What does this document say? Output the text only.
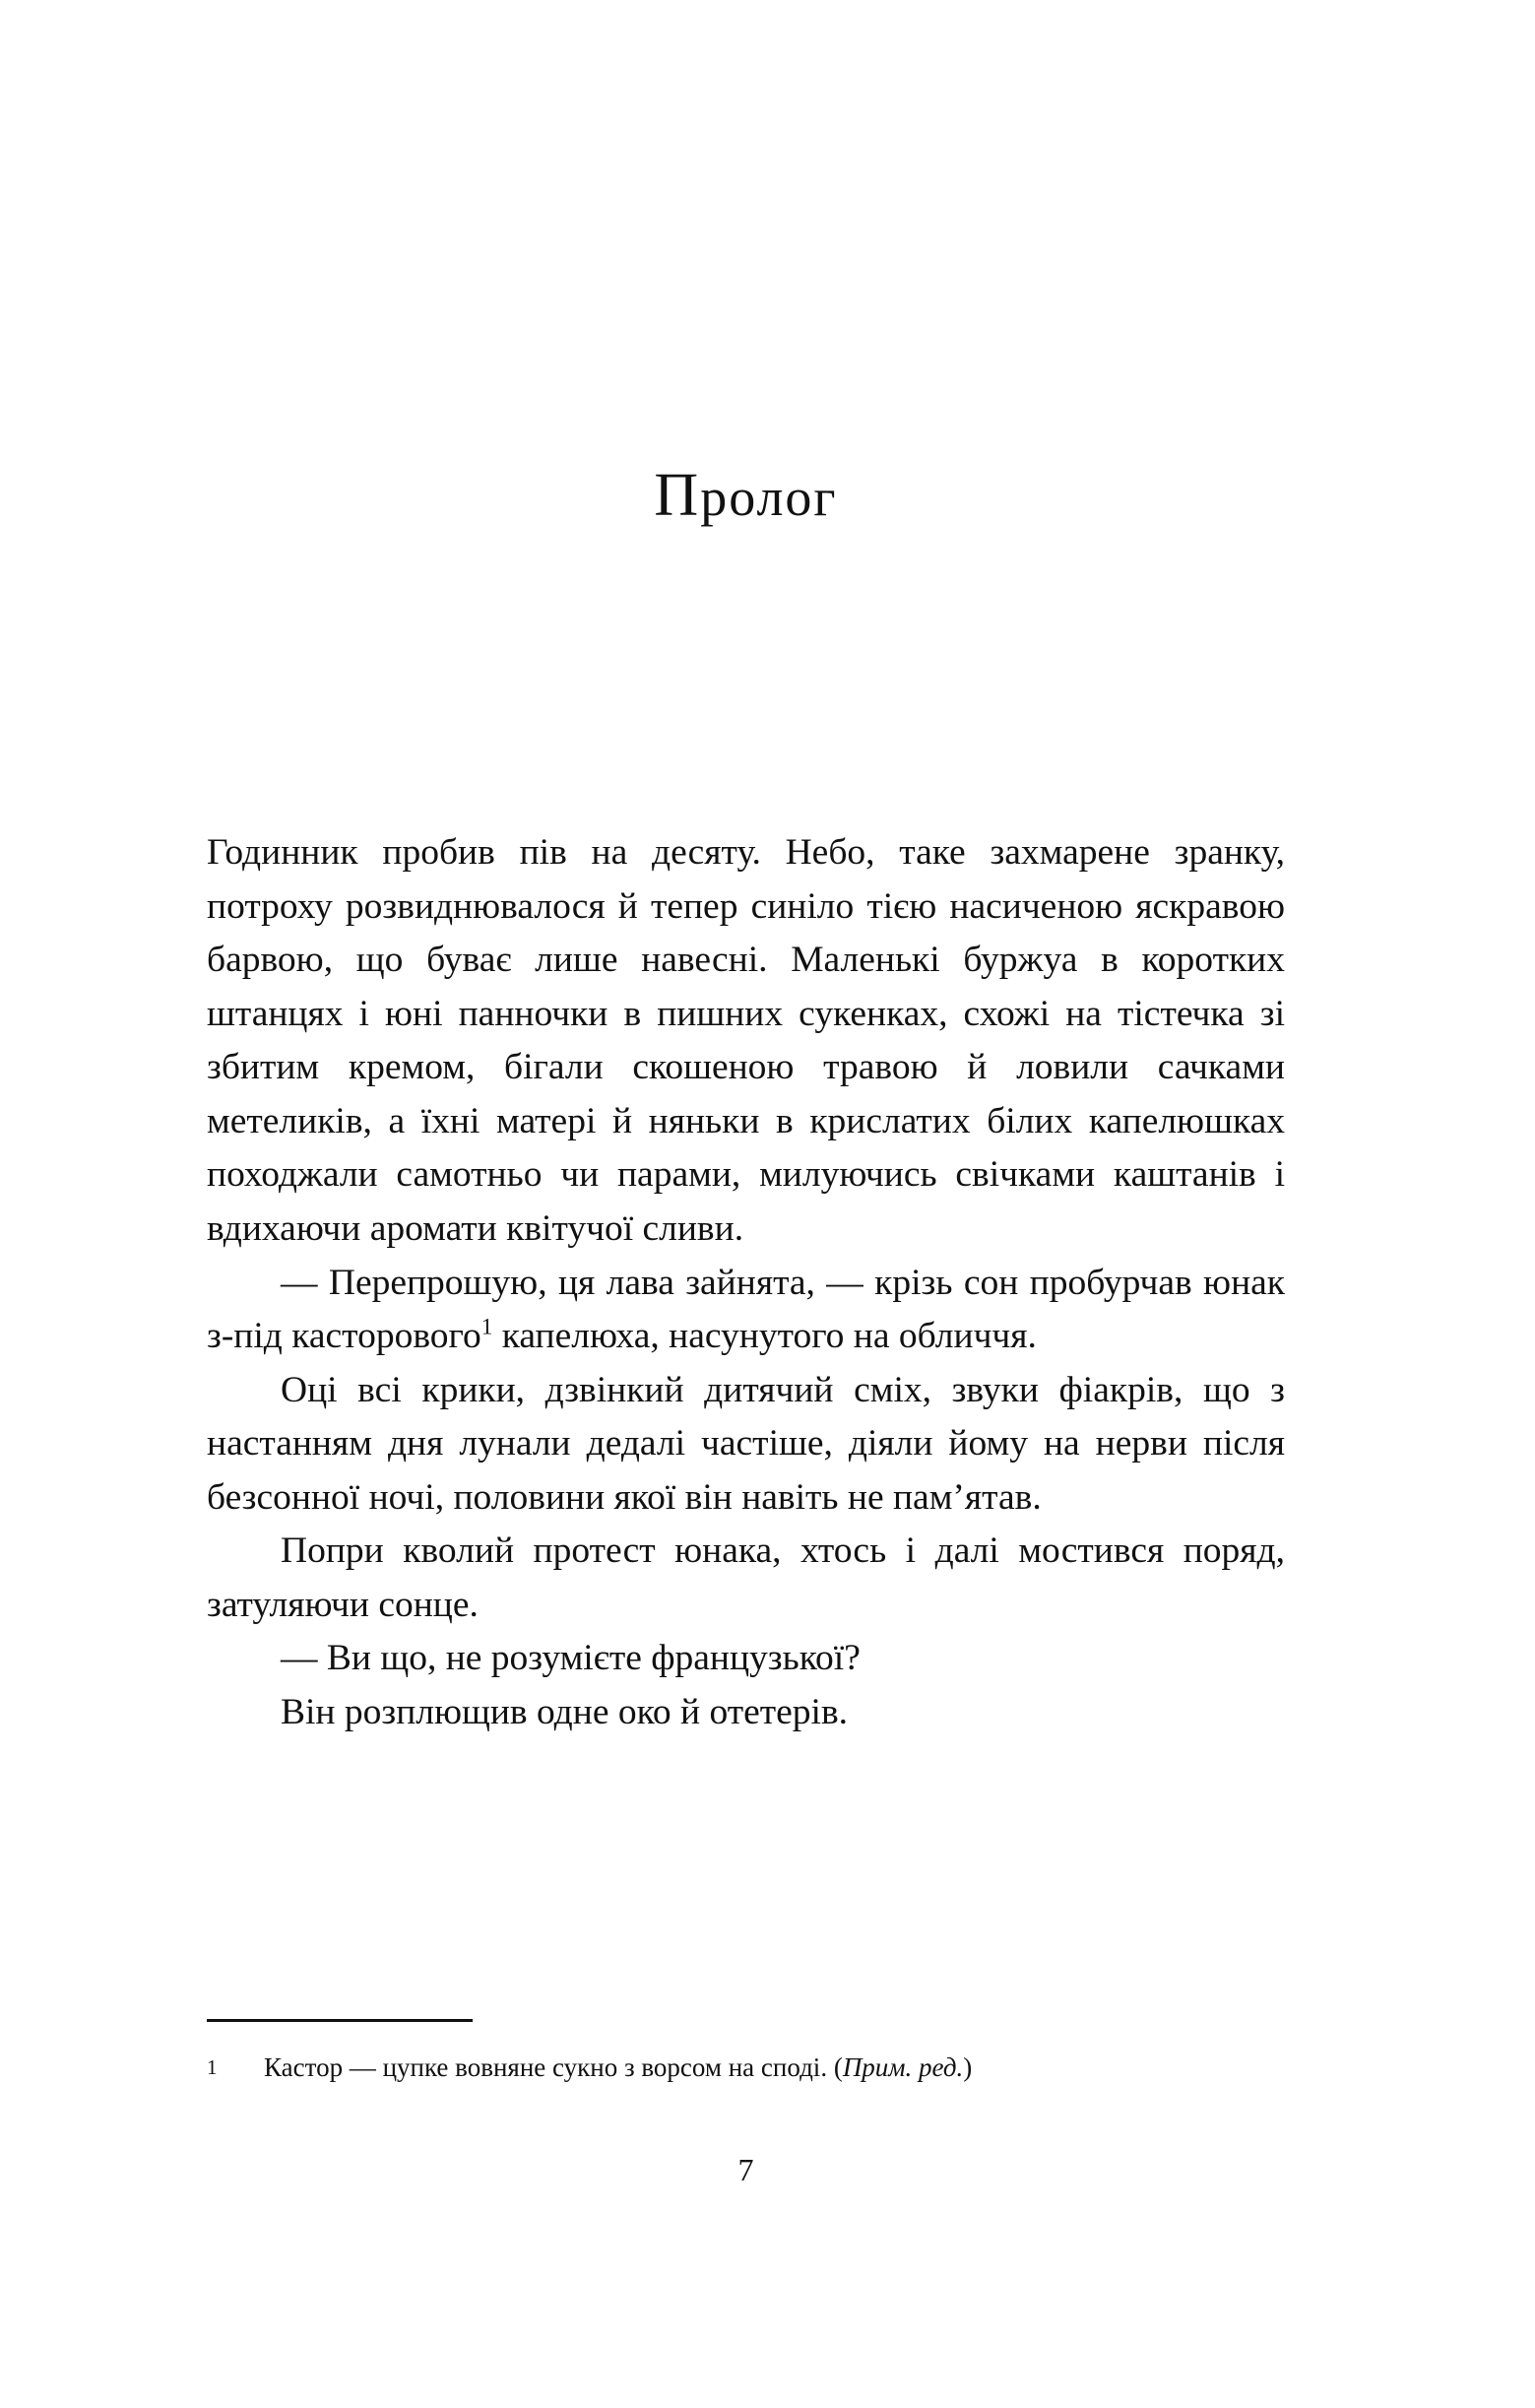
Пролог

Годинник пробив пів на десяту. Небо, таке захмарене зранку, потроху розвиднювалося й тепер синіло тією насиченою яскравою барвою, що буває лише навесні. Маленькі буржуа в коротких штанцях і юні панночки в пишних сукенках, схожі на тістечка зі збитим кремом, бігали скошеною травою й ловили сачками метеликів, а їхні матері й няньки в крислатих білих капелюшках походжали самотньо чи парами, милуючись свічками каштанів і вдихаючи аромати квітучої сливи.

— Перепрошую, ця лава зайнята, — крізь сон пробурчав юнак з-під касторового$^1$ капелюха, насунутого на обличчя.

Оці всі крики, дзвінкий дитячий сміх, звуки фіакрів, що з настанням дня лунали дедалі частіше, діяли йому на нерви після безсонної ночі, половини якої він навіть не пам’ятав.

Попри кволий протест юнака, хтось і далі мостився поряд, затуляючи сонце.

— Ви що, не розумієте французької?

Він розплющив одне око й отетерів.

1 Кастор — цупке вовняне сукно з ворсом на споді. (Прим. ред.)
7
